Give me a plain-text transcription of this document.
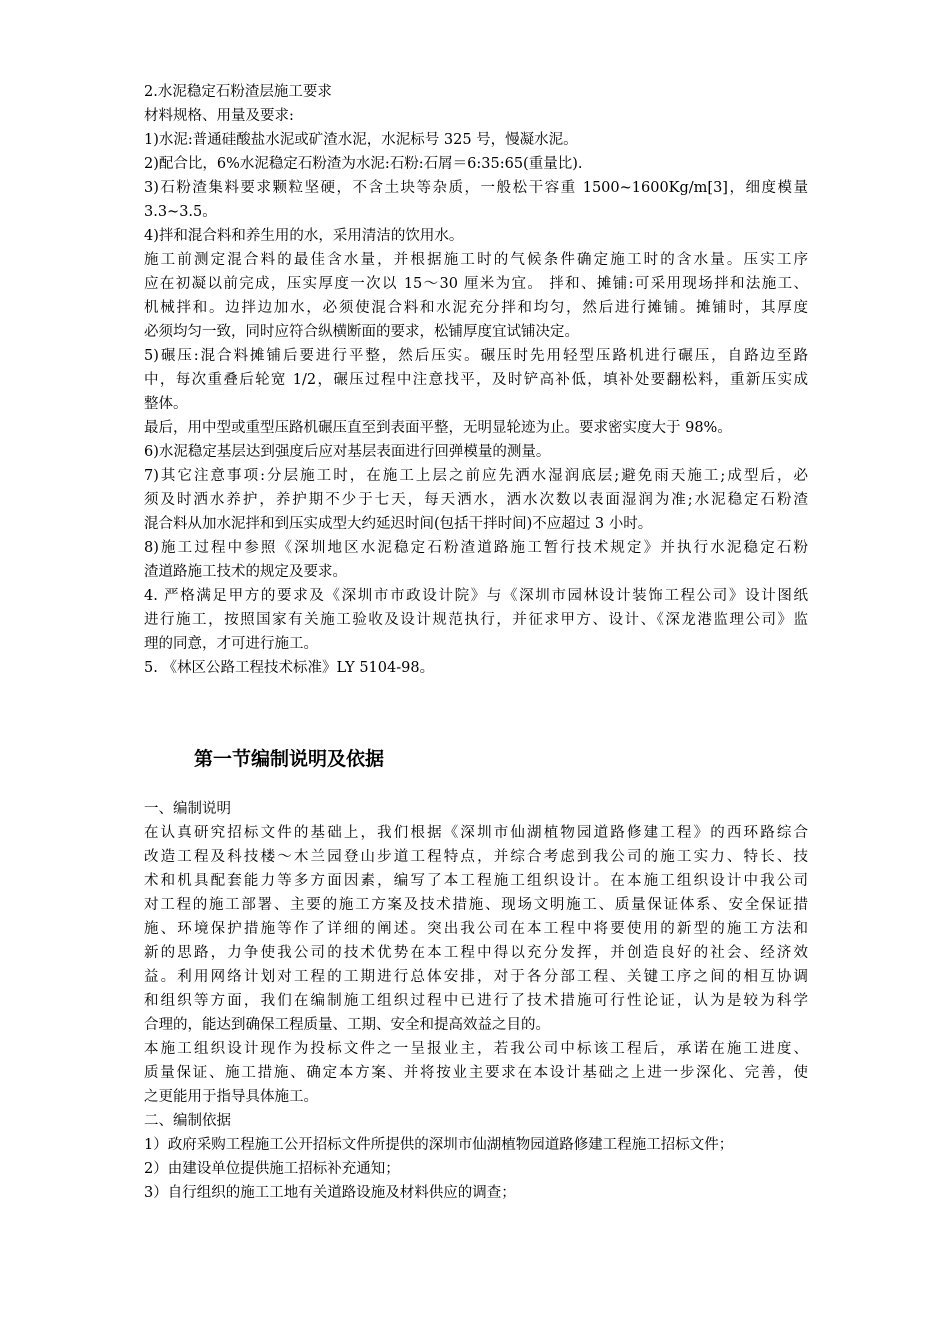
2.水泥稳定石粉渣层施工要求

材料规格、用量及要求:

1)水泥:普通硅酸盐水泥或矿渣水泥，水泥标号 325 号，慢凝水泥。

2)配合比，6%水泥稳定石粉渣为水泥:石粉:石屑＝6:35:65(重量比).

3)石粉渣集料要求颗粒坚硬，不含土块等杂质，一般松干容重 1500~1600Kg/m[3]，细度模量

3.3~3.5。

4)拌和混合料和养生用的水，采用清洁的饮用水。

施工前测定混合料的最佳含水量，并根据施工时的气候条件确定施工时的含水量。压实工序

应在初凝以前完成，压实厚度一次以 15～30 厘米为宜。 拌和、摊铺:可采用现场拌和法施工、

机械拌和。边拌边加水，必须使混合料和水泥充分拌和均匀，然后进行摊铺。摊铺时，其厚度

必须均匀一致，同时应符合纵横断面的要求，松铺厚度宜试铺决定。

5)碾压:混合料摊铺后要进行平整，然后压实。碾压时先用轻型压路机进行碾压，自路边至路

中，每次重叠后轮宽 1/2，碾压过程中注意找平，及时铲高补低，填补处要翻松料，重新压实成

整体。

最后，用中型或重型压路机碾压直至到表面平整，无明显轮迹为止。要求密实度大于 98%。

6)水泥稳定基层达到强度后应对基层表面进行回弹模量的测量。

7)其它注意事项:分层施工时，在施工上层之前应先洒水湿润底层;避免雨天施工;成型后，必

须及时洒水养护，养护期不少于七天，每天洒水，洒水次数以表面湿润为准;水泥稳定石粉渣

混合料从加水泥拌和到压实成型大约延迟时间(包括干拌时间)不应超过 3 小时。

8)施工过程中参照《深圳地区水泥稳定石粉渣道路施工暂行技术规定》并执行水泥稳定石粉

渣道路施工技术的规定及要求。

4. 严格满足甲方的要求及《深圳市市政设计院》与《深圳市园林设计装饰工程公司》设计图纸

进行施工，按照国家有关施工验收及设计规范执行，并征求甲方、设计、《深龙港监理公司》监

理的同意，才可进行施工。

5. 《林区公路工程技术标准》LY 5104-98。

第一节编制说明及依据

一、编制说明

在认真研究招标文件的基础上，我们根据《深圳市仙湖植物园道路修建工程》的西环路综合

改造工程及科技楼～木兰园登山步道工程特点，并综合考虑到我公司的施工实力、特长、技

术和机具配套能力等多方面因素，编写了本工程施工组织设计。在本施工组织设计中我公司

对工程的施工部署、主要的施工方案及技术措施、现场文明施工、质量保证体系、安全保证措

施、环境保护措施等作了详细的阐述。突出我公司在本工程中将要使用的新型的施工方法和

新的思路，力争使我公司的技术优势在本工程中得以充分发挥，并创造良好的社会、经济效

益。利用网络计划对工程的工期进行总体安排，对于各分部工程、关键工序之间的相互协调

和组织等方面，我们在编制施工组织过程中已进行了技术措施可行性论证，认为是较为科学

合理的，能达到确保工程质量、工期、安全和提高效益之目的。

本施工组织设计现作为投标文件之一呈报业主，若我公司中标该工程后，承诺在施工进度、

质量保证、施工措施、确定本方案、并将按业主要求在本设计基础之上进一步深化、完善，使

之更能用于指导具体施工。

二、编制依据

1）政府采购工程施工公开招标文件所提供的深圳市仙湖植物园道路修建工程施工招标文件；

2）由建设单位提供施工招标补充通知；

3）自行组织的施工工地有关道路设施及材料供应的调查；
